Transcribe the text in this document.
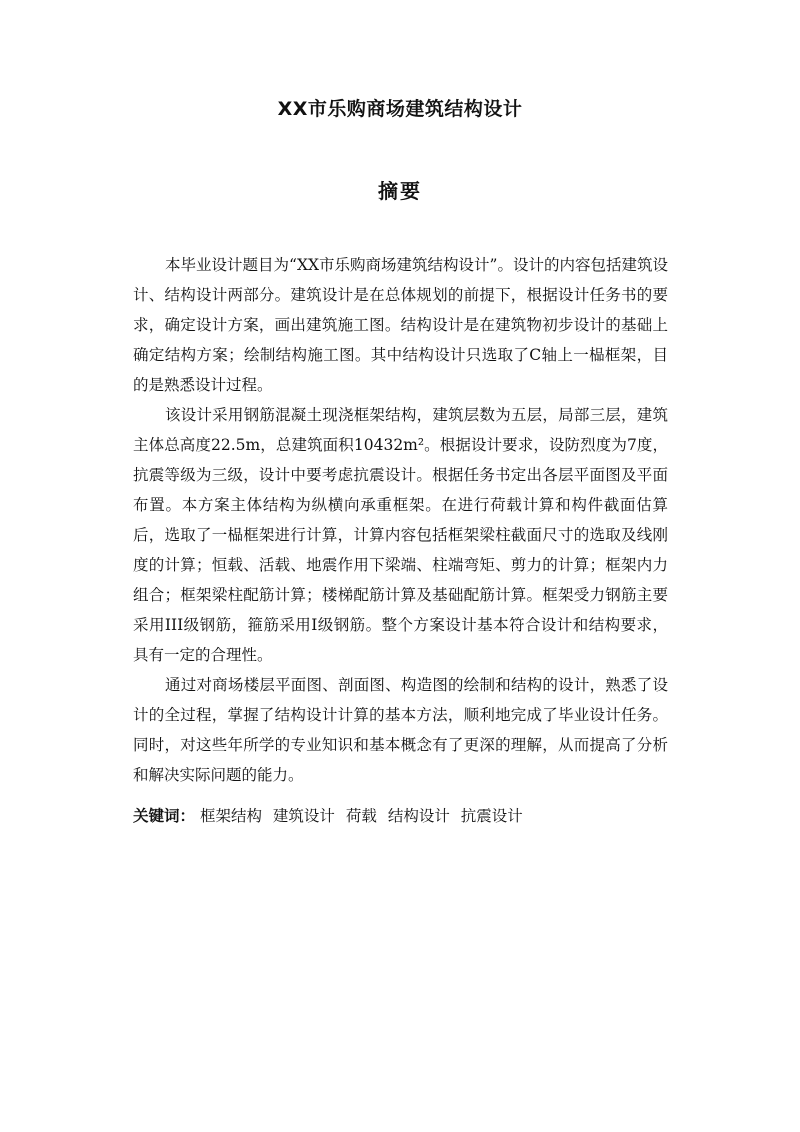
XX市乐购商场建筑结构设计
摘要

本毕业设计题目为“XX市乐购商场建筑结构设计”。设计的内容包括建筑设计、结构设计两部分。建筑设计是在总体规划的前提下，根据设计任务书的要求，确定设计方案，画出建筑施工图。结构设计是在建筑物初步设计的基础上确定结构方案；绘制结构施工图。其中结构设计只选取了C轴上一榀框架，目的是熟悉设计过程。

该设计采用钢筋混凝土现浇框架结构，建筑层数为五层，局部三层，建筑主体总高度22.5m，总建筑面积10432m²。根据设计要求，设防烈度为7度，抗震等级为三级，设计中要考虑抗震设计。根据任务书定出各层平面图及平面布置。本方案主体结构为纵横向承重框架。在进行荷载计算和构件截面估算后，选取了一榀框架进行计算，计算内容包括框架梁柱截面尺寸的选取及线刚度的计算；恒载、活载、地震作用下梁端、柱端弯矩、剪力的计算；框架内力组合；框架梁柱配筋计算；楼梯配筋计算及基础配筋计算。框架受力钢筋主要采用III级钢筋，箍筋采用I级钢筋。整个方案设计基本符合设计和结构要求，具有一定的合理性。

通过对商场楼层平面图、剖面图、构造图的绘制和结构的设计，熟悉了设计的全过程，掌握了结构设计计算的基本方法，顺利地完成了毕业设计任务。同时，对这些年所学的专业知识和基本概念有了更深的理解，从而提高了分析和解决实际问题的能力。

关键词： 框架结构 建筑设计 荷载 结构设计 抗震设计
